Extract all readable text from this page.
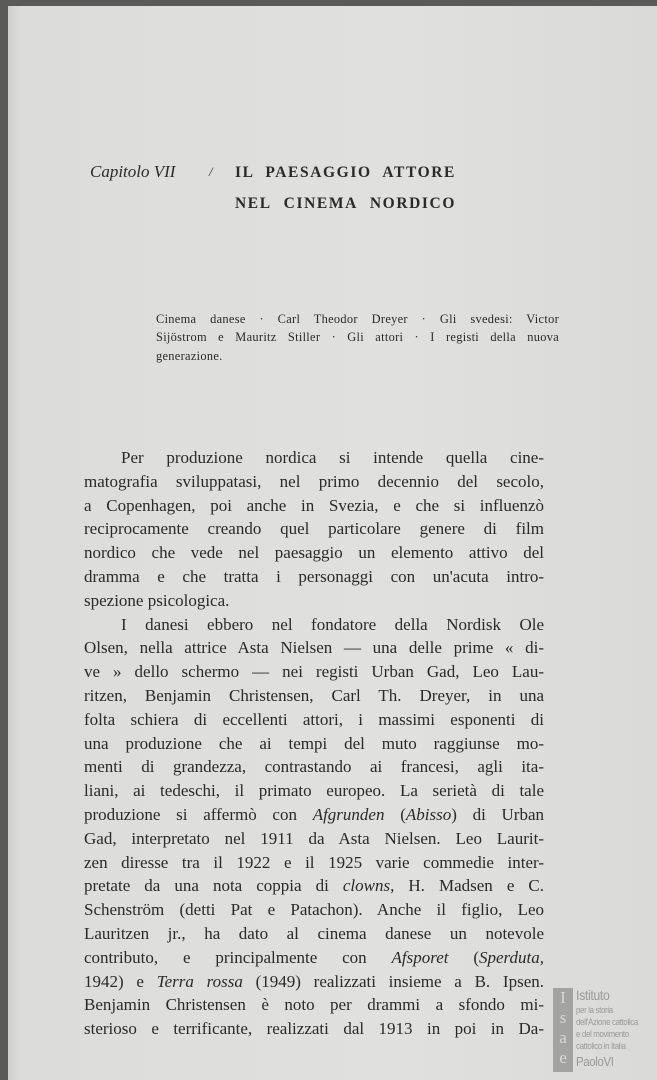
Capitolo VII	/ IL PAESAGGIO ATTORE
NEL CINEMA NORDICO
Cinema danese · Carl Theodor Dreyer · Gli svedesi: Victor
Sijöstrom e Mauritz Stiller · Gli attori · I registi della nuova
generazione.
Per produzione nordica si intende quella cine-
matografia sviluppatasi, nel primo decennio del secolo,
a Copenhagen, poi anche in Svezia, e che si influenzò
reciprocamente creando quel particolare genere di film
nordico che vede nel paesaggio un elemento attivo del
dramma e che tratta i personaggi con un'acuta intro-
spezione psicologica.
I danesi ebbero nel fondatore della Nordisk Ole
Olsen, nella attrice Asta Nielsen — una delle prime « di-
ve » dello schermo — nei registi Urban Gad, Leo Lau-
ritzen, Benjamin Christensen, Carl Th. Dreyer, in una
folta schiera di eccellenti attori, i massimi esponenti di
una produzione che ai tempi del muto raggiunse mo-
menti di grandezza, contrastando ai francesi, agli ita-
liani, ai tedeschi, il primato europeo. La serietà di tale
produzione si affermò con Afgrunden (Abisso) di Urban
Gad, interpretato nel 1911 da Asta Nielsen. Leo Laurit-
zen diresse tra il 1922 e il 1925 varie commedie inter-
pretate da una nota coppia di clowns, H. Madsen e C.
Schenström (detti Pat e Patachon). Anche il figlio, Leo
Lauritzen jr., ha dato al cinema danese un notevole
contributo, e principalmente con Afsporet (Sperduta,
1942) e Terra rossa (1949) realizzati insieme a B. Ipsen.
Benjamin Christensen è noto per drammi a sfondo mi-
sterioso e terrificante, realizzati dal 1913 in poi in Da-
I
s
a
e
Istituto
per la storia
dell'Azione cattolica
e del movimento
cattolico in Italia
PaoloVI
